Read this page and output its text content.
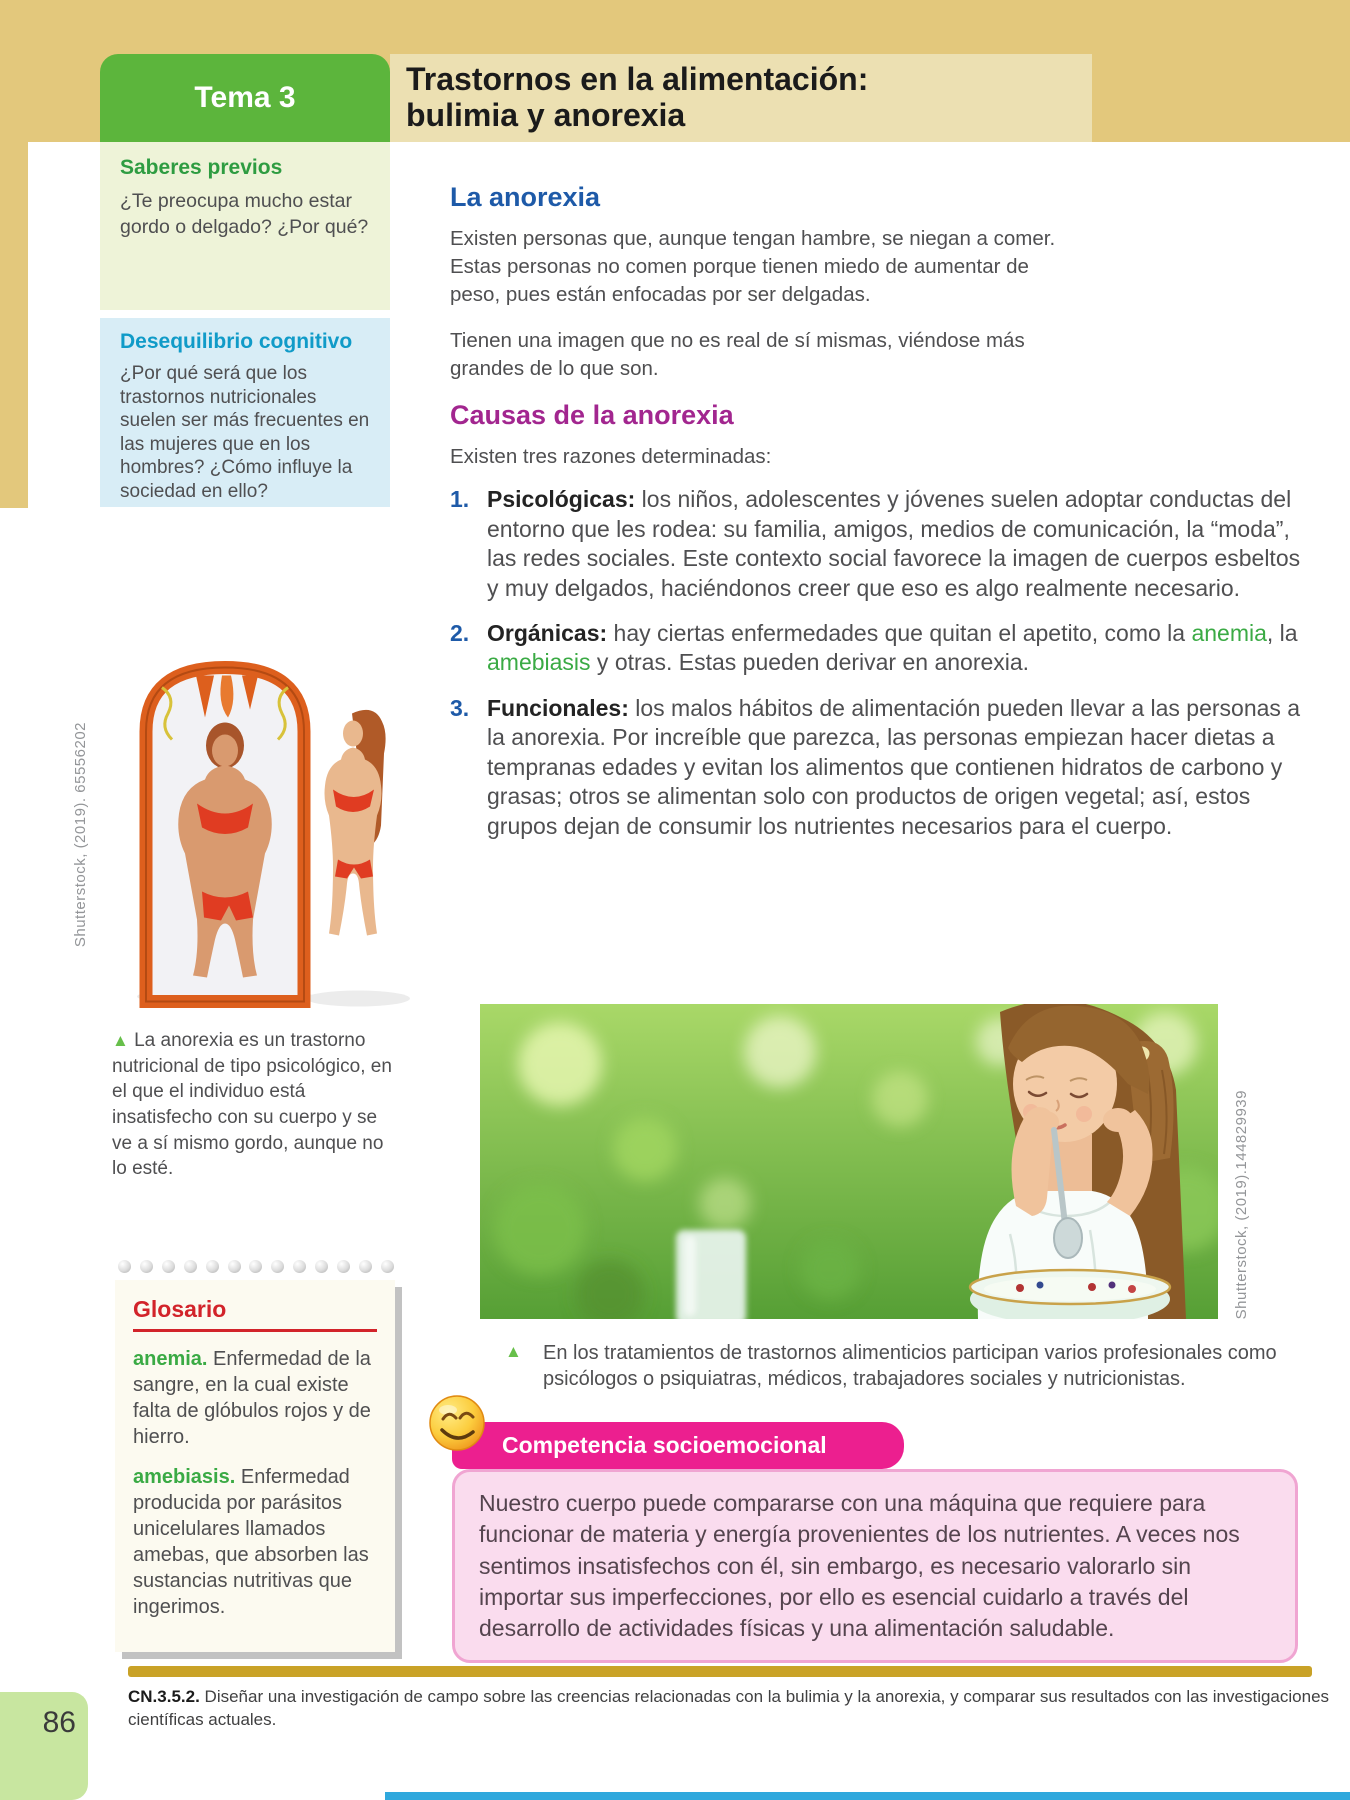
Tema 3
Trastornos en la alimentación:
bulimia y anorexia
Saberes previos

¿Te preocupa mucho estar gordo o delgado? ¿Por qué?

Desequilibrio cognitivo

¿Por qué será que los trastornos nutricionales suelen ser más frecuentes en las mujeres que en los hombres? ¿Cómo influye la sociedad en ello?

Shutterstock, (2019). 65556202
▲ La anorexia es un trastorno nutricional de tipo psicológico, en el que el individuo está insatisfecho con su cuerpo y se ve a sí mismo gordo, aunque no lo esté.
Glosario

anemia. Enfermedad de la sangre, en la cual existe falta de glóbulos rojos y de hierro.

amebiasis. Enfermedad producida por parásitos unicelulares llamados amebas, que absorben las sustancias nutritivas que ingerimos.

La anorexia

Existen personas que, aunque tengan hambre, se niegan a comer. Estas personas no comen porque tienen miedo de aumentar de peso, pues están enfocadas por ser delgadas.

Tienen una imagen que no es real de sí mismas, viéndose más grandes de lo que son.

Causas de la anorexia

Existen tres razones determinadas:

1. Psicológicas: los niños, adolescentes y jóvenes suelen adoptar conductas del entorno que les rodea: su familia, amigos, medios de comunicación, la “moda”, las redes sociales. Este contexto social favorece la imagen de cuerpos esbeltos y muy delgados, haciéndonos creer que eso es algo realmente necesario.
2. Orgánicas: hay ciertas enfermedades que quitan el apetito, como la anemia, la amebiasis y otras. Estas pueden derivar en anorexia.
3. Funcionales: los malos hábitos de alimentación pueden llevar a las personas a la anorexia. Por increíble que parezca, las personas empiezan hacer dietas a tempranas edades y evitan los alimentos que contienen hidratos de carbono y grasas; otros se alimentan solo con productos de origen vegetal; así, estos grupos dejan de consumir los nutrientes necesarios para el cuerpo.
Shutterstock, (2019).144829939
▲	En los tratamientos de trastornos alimenticios participan varios profesionales como psicólogos o psiquiatras, médicos, trabajadores sociales y nutricionistas.
Competencia socioemocional

Nuestro cuerpo puede compararse con una máquina que requiere para funcionar de materia y energía provenientes de los nutrientes. A veces nos sentimos insatisfechos con él, sin embargo, es necesario valorarlo sin importar sus imperfecciones, por ello es esencial cuidarlo a través del desarrollo de actividades físicas y una alimentación saludable.

CN.3.5.2. Diseñar una investigación de campo sobre las creencias relacionadas con la bulimia y la anorexia, y comparar sus resultados con las investigaciones científicas actuales.
86
